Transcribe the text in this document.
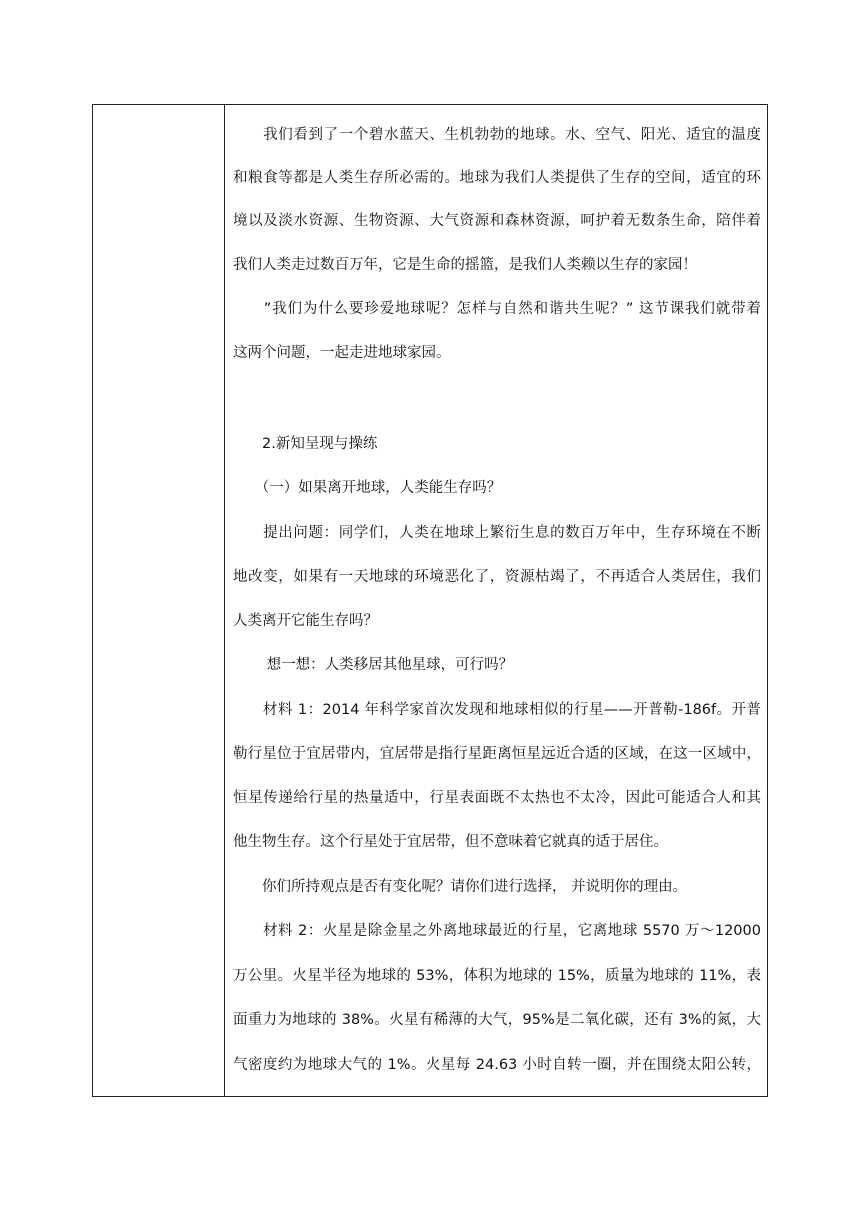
　　我们看到了一个碧水蓝天、生机勃勃的地球。水、空气、阳光、适宜的温度
和粮食等都是人类生存所必需的。地球为我们人类提供了生存的空间，适宜的环
境以及淡水资源、生物资源、大气资源和森林资源，呵护着无数条生命，陪伴着
我们人类走过数百万年，它是生命的摇篮，是我们人类赖以生存的家园！
　　”我们为什么要珍爱地球呢？怎样与自然和谐共生呢？” 这节课我们就带着
这两个问题，一起走进地球家园。
　　2.新知呈现与操练
　　（一）如果离开地球，人类能生存吗？
　　提出问题：同学们，人类在地球上繁衍生息的数百万年中，生存环境在不断
地改变，如果有一天地球的环境恶化了，资源枯竭了，不再适合人类居住，我们
人类离开它能生存吗？
　　 想一想：人类移居其他星球，可行吗？
　　材料 1：2014 年科学家首次发现和地球相似的行星——开普勒-186f。开普
勒行星位于宜居带内，宜居带是指行星距离恒星远近合适的区域，在这一区域中，
恒星传递给行星的热量适中，行星表面既不太热也不太冷，因此可能适合人和其
他生物生存。这个行星处于宜居带，但不意味着它就真的适于居住。
　　你们所持观点是否有变化呢？请你们进行选择， 并说明你的理由。
　　材料 2：火星是除金星之外离地球最近的行星，它离地球 5570 万～12000
万公里。火星半径为地球的 53%，体积为地球的 15%，质量为地球的 11%，表
面重力为地球的 38%。火星有稀薄的大气，95%是二氧化碳，还有 3%的氮，大
气密度约为地球大气的 1%。火星每 24.63 小时自转一圈，并在围绕太阳公转，
